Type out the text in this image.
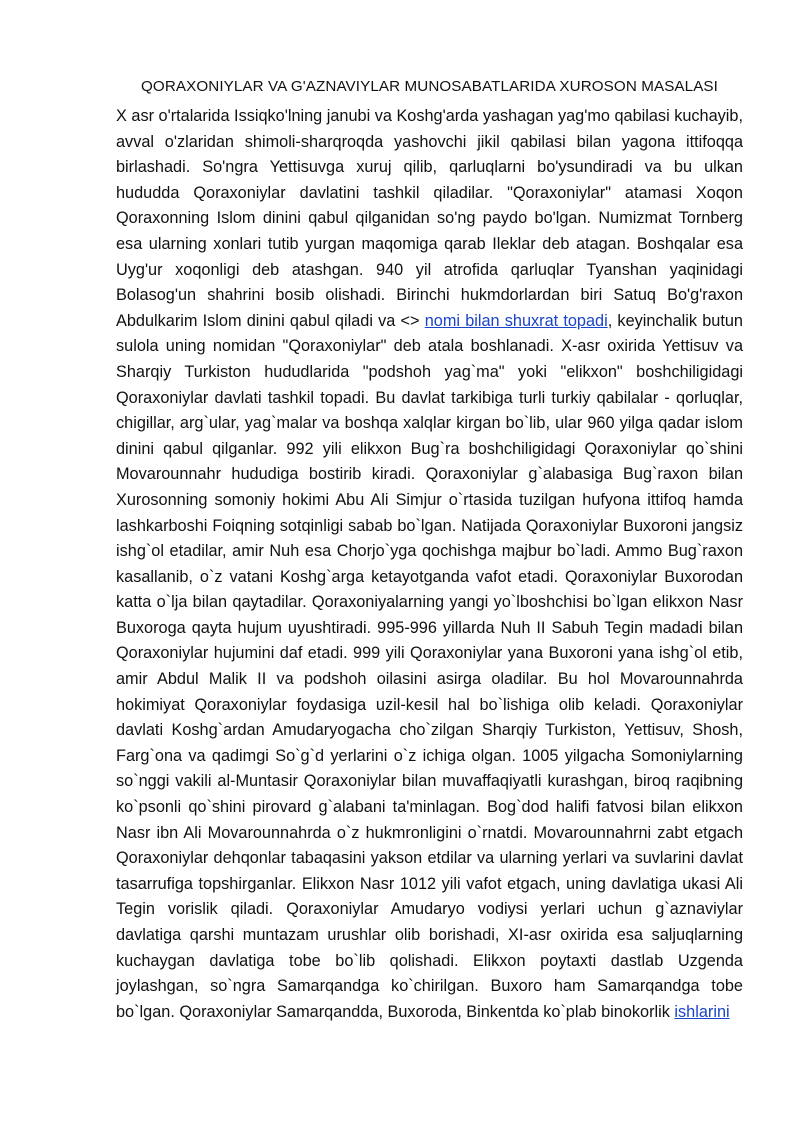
QORAXONIYLAR VA G'AZNAVIYLAR MUNOSABATLARIDA XUROSON MASALASI

X asr o'rtalarida Issiqko'lning janubi va Koshg'arda yashagan yag'mo qabilasi kuchayib, avval o'zlaridan shimoli-sharqroqda yashovchi jikil qabilasi bilan yagona ittifoqqa birlashadi. So'ngra Yettisuvga xuruj qilib, qarluqlarni bo'ysundiradi va bu ulkan hududda Qoraxoniylar davlatini tashkil qiladilar. "Qoraxoniylar" atamasi Xoqon Qoraxonning Islom dinini qabul qilganidan so'ng paydo bo'lgan. Numizmat Tornberg esa ularning xonlari tutib yurgan maqomiga qarab Ileklar deb atagan. Boshqalar esa Uyg'ur xoqonligi deb atashgan. 940 yil atrofida qarluqlar Tyanshan yaqinidagi Bolasog'un shahrini bosib olishadi. Birinchi hukmdorlardan biri Satuq Bo'g'raxon Abdulkarim Islom dinini qabul qiladi va <> nomi bilan shuxrat topadi, keyinchalik butun sulola uning nomidan "Qoraxoniylar" deb atala boshlanadi. X-asr oxirida Yettisuv va Sharqiy Turkiston hududlarida "podshoh yag`ma" yoki "elikxon" boshchiligidagi Qoraxoniylar davlati tashkil topadi. Bu davlat tarkibiga turli turkiy qabilalar - qorluqlar, chigillar, arg`ular, yag`malar va boshqa xalqlar kirgan bo`lib, ular 960 yilga qadar islom dinini qabul qilganlar. 992 yili elikxon Bug`ra boshchiligidagi Qoraxoniylar qo`shini Movarounnahr hududiga bostirib kiradi. Qoraxoniylar g`alabasiga Bug`raxon bilan Xurosonning somoniy hokimi Abu Ali Simjur o`rtasida tuzilgan hufyona ittifoq hamda lashkarboshi Foiqning sotqinligi sabab bo`lgan. Natijada Qoraxoniylar Buxoroni jangsiz ishg`ol etadilar, amir Nuh esa Chorjo`yga qochishga majbur bo`ladi. Ammo Bug`raxon kasallanib, o`z vatani Koshg`arga ketayotganda vafot etadi. Qoraxoniylar Buxorodan katta o`lja bilan qaytadilar. Qoraxoniyalarning yangi yo`lboshchisi bo`lgan elikxon Nasr Buxoroga qayta hujum uyushtiradi. 995-996 yillarda Nuh II Sabuh Tegin madadi bilan Qoraxoniylar hujumini daf etadi. 999 yili Qoraxoniylar yana Buxoroni yana ishg`ol etib, amir Abdul Malik II va podshoh oilasini asirga oladilar. Bu hol Movarounnahrda hokimiyat Qoraxoniylar foydasiga uzil-kesil hal bo`lishiga olib keladi. Qoraxoniylar davlati Koshg`ardan Amudaryogacha cho`zilgan Sharqiy Turkiston, Yettisuv, Shosh, Farg`ona va qadimgi So`g`d yerlarini o`z ichiga olgan. 1005 yilgacha Somoniylarning so`nggi vakili al-Muntasir Qoraxoniylar bilan muvaffaqiyatli kurashgan, biroq raqibning ko`psonli qo`shini pirovard g`alabani ta'minlagan. Bog`dod halifi fatvosi bilan elikxon Nasr ibn Ali Movarounnahrda o`z hukmronligini o`rnatdi. Movarounnahrni zabt etgach Qoraxoniylar dehqonlar tabaqasini yakson etdilar va ularning yerlari va suvlarini davlat tasarrufiga topshirganlar. Elikxon Nasr 1012 yili vafot etgach, uning davlatiga ukasi Ali Tegin vorislik qiladi. Qoraxoniylar Amudaryo vodiysi yerlari uchun g`aznaviylar davlatiga qarshi muntazam urushlar olib borishadi, XI-asr oxirida esa saljuqlarning kuchaygan davlatiga tobe bo`lib qolishadi. Elikxon poytaxti dastlab Uzgenda joylashgan, so`ngra Samarqandga ko`chirilgan. Buxoro ham Samarqandga tobe bo`lgan. Qoraxoniylar Samarqandda, Buxoroda, Binkentda ko`plab binokorlik ishlarini
